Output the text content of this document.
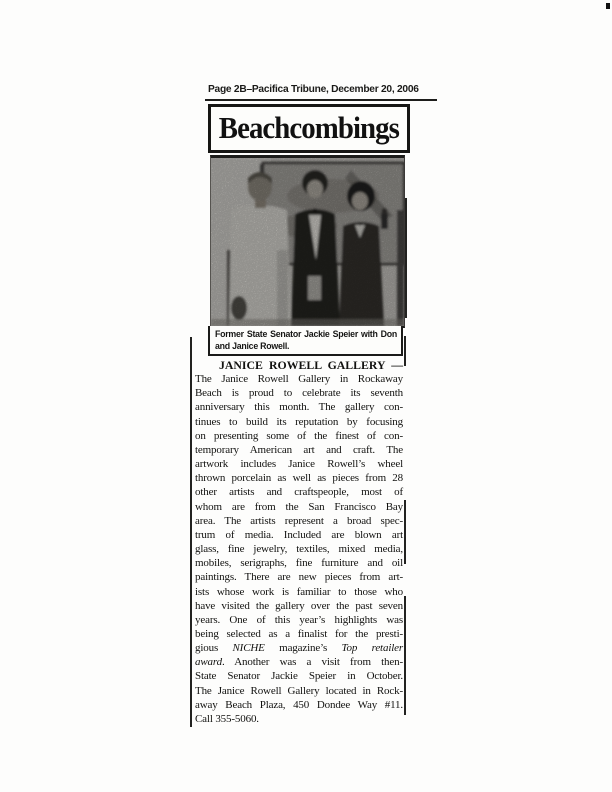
Page 2B–Pacifica Tribune, December 20, 2006
Beachcombings
Former State Senator Jackie Speier with Don
and Janice Rowell.
JANICE ROWELL GALLERY —
The Janice Rowell Gallery in Rockaway
Beach is proud to celebrate its seventh
anniversary this month. The gallery con-
tinues to build its reputation by focusing
on presenting some of the finest of con-
temporary American art and craft. The
artwork includes Janice Rowell’s wheel
thrown porcelain as well as pieces from 28
other artists and craftspeople, most of
whom are from the San Francisco Bay
area. The artists represent a broad spec-
trum of media. Included are blown art
glass, fine jewelry, textiles, mixed media,
mobiles, serigraphs, fine furniture and oil
paintings. There are new pieces from art-
ists whose work is familiar to those who
have visited the gallery over the past seven
years. One of this year’s highlights was
being selected as a finalist for the presti-
gious NICHE magazine’s Top retailer
award. Another was a visit from then-
State Senator Jackie Speier in October.
The Janice Rowell Gallery located in Rock-
away Beach Plaza, 450 Dondee Way #11.
Call 355-5060.
